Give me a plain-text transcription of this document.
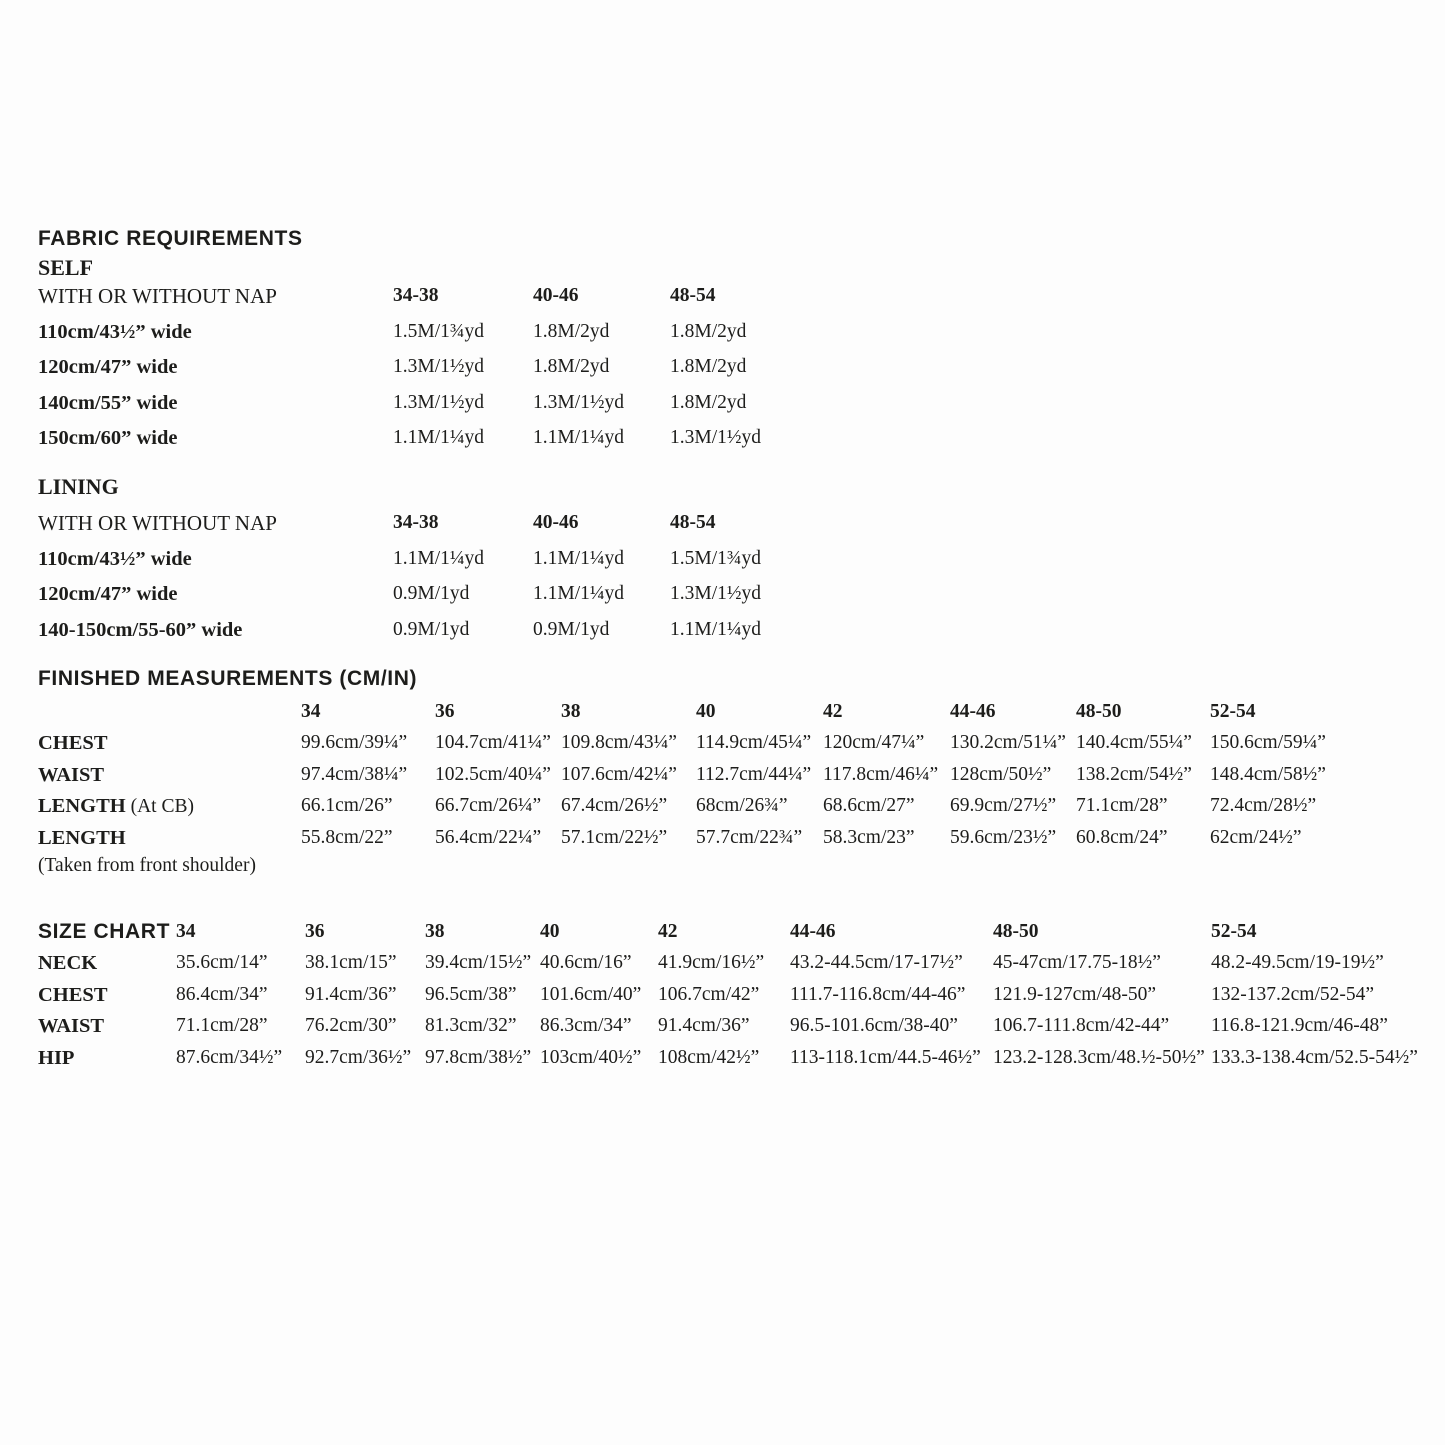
FABRIC REQUIREMENTS
SELF
WITH OR WITHOUT NAP	34-38	40-46	48-54
110cm/43½” wide	1.5M/1¾yd	1.8M/2yd	1.8M/2yd
120cm/47” wide	1.3M/1½yd	1.8M/2yd	1.8M/2yd
140cm/55” wide	1.3M/1½yd	1.3M/1½yd	1.8M/2yd
150cm/60” wide	1.1M/1¼yd	1.1M/1¼yd	1.3M/1½yd
LINING
WITH OR WITHOUT NAP	34-38	40-46	48-54
110cm/43½” wide	1.1M/1¼yd	1.1M/1¼yd	1.5M/1¾yd
120cm/47” wide	0.9M/1yd	1.1M/1¼yd	1.3M/1½yd
140-150cm/55-60” wide	0.9M/1yd	0.9M/1yd	1.1M/1¼yd
FINISHED MEASUREMENTS (CM/IN)
34	36	38	40	42	44-46	48-50	52-54
CHEST	99.6cm/39¼”	104.7cm/41¼” 109.8cm/43¼” 114.9cm/45¼” 120cm/47¼”	130.2cm/51¼” 140.4cm/55¼” 150.6cm/59¼”
WAIST	97.4cm/38¼”	102.5cm/40¼” 107.6cm/42¼” 112.7cm/44¼” 117.8cm/46¼” 128cm/50½”	138.2cm/54½” 148.4cm/58½”
LENGTH (At CB)	66.1cm/26”	66.7cm/26¼”	67.4cm/26½”	68cm/26¾”	68.6cm/27”	69.9cm/27½”	71.1cm/28”	72.4cm/28½”
LENGTH
(Taken from front shoulder)
55.8cm/22”	56.4cm/22¼”	57.1cm/22½”	57.7cm/22¾”	58.3cm/23”	59.6cm/23½”	60.8cm/24”	62cm/24½”
SIZE CHART 34	36	38	40	42	44-46	48-50	52-54
NECK	35.6cm/14”	38.1cm/15”	39.4cm/15½” 40.6cm/16”	41.9cm/16½”	43.2-44.5cm/17-17½”	45-47cm/17.75-18½”	48.2-49.5cm/19-19½”
CHEST	86.4cm/34”	91.4cm/36”	96.5cm/38”	101.6cm/40” 106.7cm/42”	111.7-116.8cm/44-46”	121.9-127cm/48-50”	132-137.2cm/52-54”
WAIST	71.1cm/28”	76.2cm/30”	81.3cm/32”	86.3cm/34”	91.4cm/36”	96.5-101.6cm/38-40”	106.7-111.8cm/42-44”	116.8-121.9cm/46-48”
HIP	87.6cm/34½”	92.7cm/36½” 97.8cm/38½” 103cm/40½” 108cm/42½”	113-118.1cm/44.5-46½” 123.2-128.3cm/48.½-50½” 133.3-138.4cm/52.5-54½”
